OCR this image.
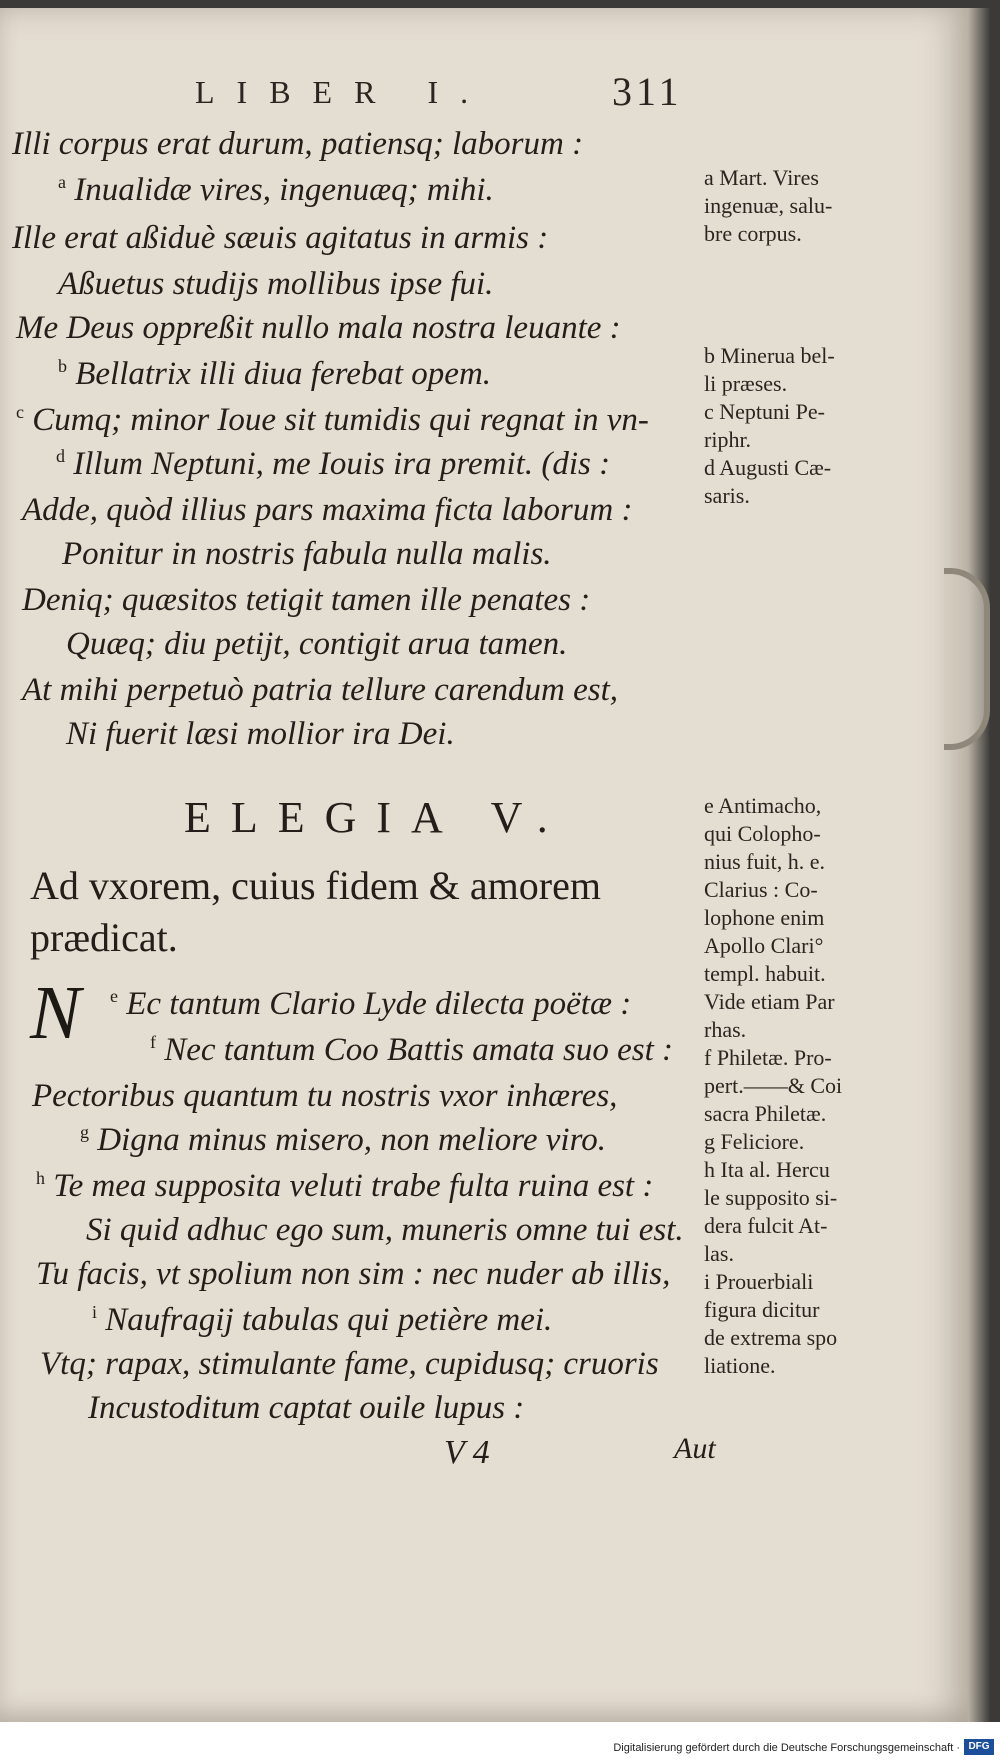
LIBER I.	311
Illi corpus erat durum, patiensq; laborum :
$^a$ Inualidæ vires, ingenuæq; mihi.
Ille erat aßiduè sæuis agitatus in armis :
Aßuetus studijs mollibus ipse fui.
Me Deus oppreßit nullo mala nostra leuante :
$^b$ Bellatrix illi diua ferebat opem.
$^c$ Cumq; minor Ioue sit tumidis qui regnat in vn-
$^d$ Illum Neptuni, me Iouis ira premit. (dis :
Adde, quòd illius pars maxima ficta laborum :
Ponitur in nostris fabula nulla malis.
Deniq; quæsitos tetigit tamen ille penates :
Quæq; diu petijt, contigit arua tamen.
At mihi perpetuò patria tellure carendum est,
Ni fuerit læsi mollior ira Dei.
a Mart. Vires
ingenuæ, salu-
bre corpus.
b Minerua bel-
li præses.
c Neptuni Pe-
riphr.
d Augusti Cæ-
saris.
ELEGIA V.
Ad vxorem, cuius fidem & amorem prædicat.
N $^e$ Ec tantum Clario Lyde dilecta poëtæ :
$^f$ Nec tantum Coo Battis amata suo est :
Pectoribus quantum tu nostris vxor inhæres,
$^g$ Digna minus misero, non meliore viro.
$^h$ Te mea supposita veluti trabe fulta ruina est :
Si quid adhuc ego sum, muneris omne tui est.
Tu facis, vt spolium non sim : nec nuder ab illis,
$^i$ Naufragij tabulas qui petière mei.
Vtq; rapax, stimulante fame, cupidusq; cruoris
Incustoditum captat ouile lupus :
e Antimacho,
qui Colopho-
nius fuit, h. e.
Clarius : Co-
lophone enim
Apollo Clari°
templ. habuit.
Vide etiam Par
rhas.
f Philetæ. Pro-
pert.——& Coi
sacra Philetæ.
g Feliciore.
h Ita al. Hercu
le supposito si-
dera fulcit At-
las.
i Prouerbiali
figura dicitur
de extrema spo
liatione.
V 4	Aut
Digitalisierung gefördert durch die Deutsche Forschungsgemeinschaft · DFG
